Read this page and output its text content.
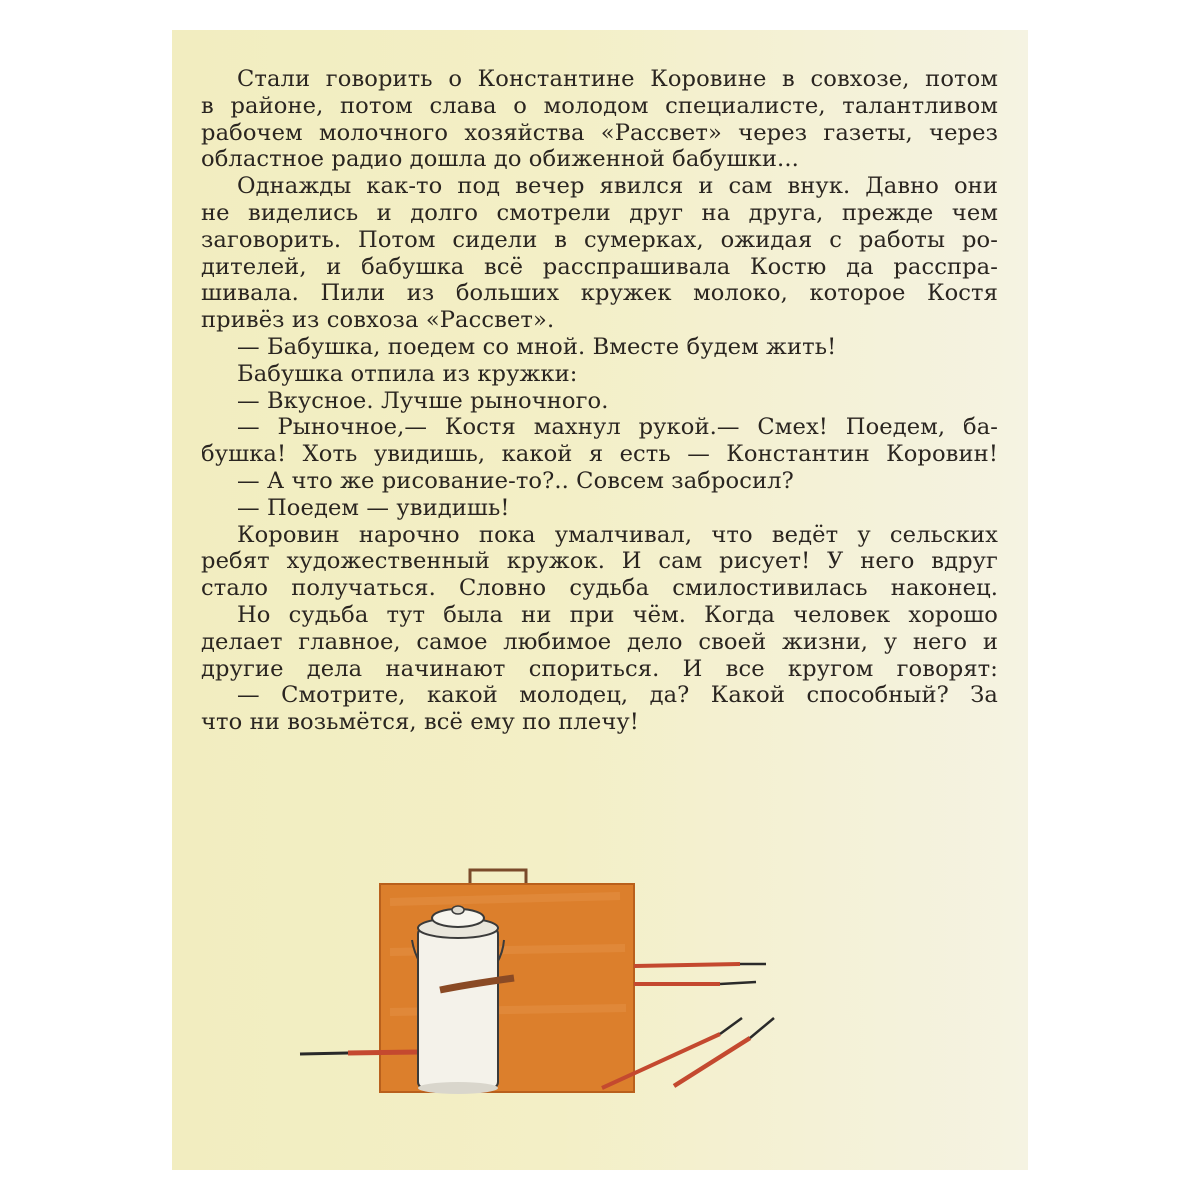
Стали говорить о Константине Коровине в совхозе, потом
в районе, потом слава о молодом специалисте, талантливом
рабочем молочного хозяйства «Рассвет» через газеты, через
областное радио дошла до обиженной бабушки...
Однажды как-то под вечер явился и сам внук. Давно они
не виделись и долго смотрели друг на друга, прежде чем
заговорить. Потом сидели в сумерках, ожидая с работы ро-
дителей, и бабушка всё расспрашивала Костю да расспра-
шивала. Пили из больших кружек молоко, которое Костя
привёз из совхоза «Рассвет».
— Бабушка, поедем со мной. Вместе будем жить!
Бабушка отпила из кружки:
— Вкусное. Лучше рыночного.
— Рыночное,— Костя махнул рукой.— Смех! Поедем, ба-
бушка! Хоть увидишь, какой я есть — Константин Коровин!
— А что же рисование-то?.. Совсем забросил?
— Поедем — увидишь!
Коровин нарочно пока умалчивал, что ведёт у сельских
ребят художественный кружок. И сам рисует! У него вдруг
стало получаться. Словно судьба смилостивилась наконец.
Но судьба тут была ни при чём. Когда человек хорошо
делает главное, самое любимое дело своей жизни, у него и
другие дела начинают спориться. И все кругом говорят:
— Смотрите, какой молодец, да? Какой способный? За
что ни возьмётся, всё ему по плечу!
